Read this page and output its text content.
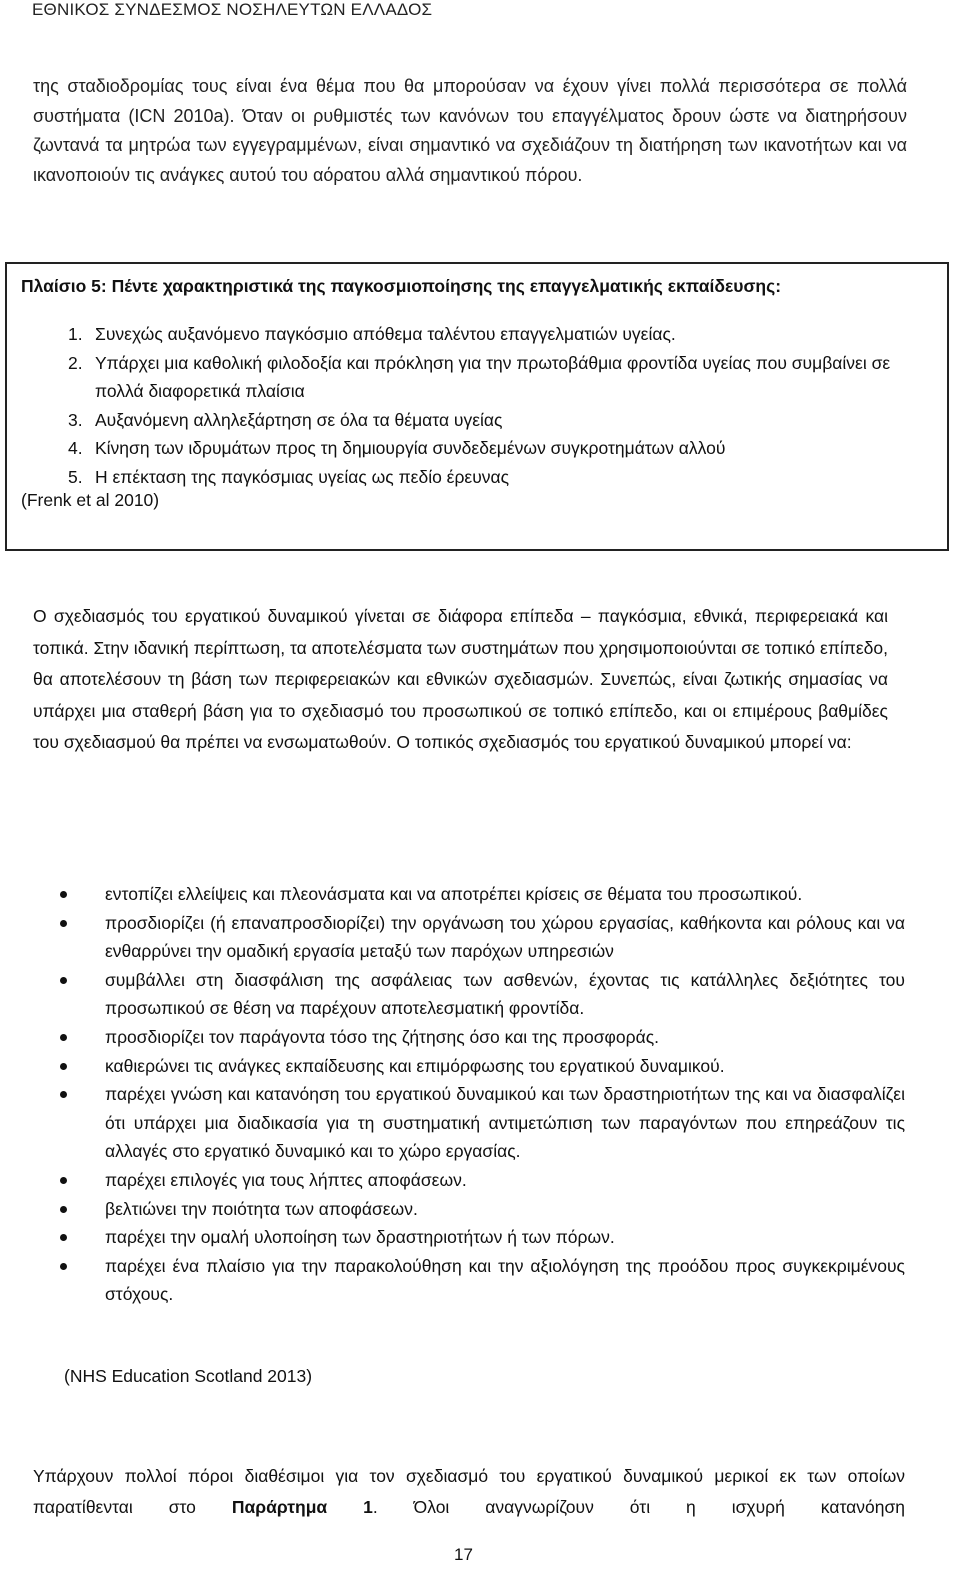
ΕΘΝΙΚΟΣ ΣΥΝΔΕΣΜΟΣ ΝΟΣΗΛΕΥΤΩΝ ΕΛΛΑΔΟΣ

της σταδιοδρομίας τους είναι ένα θέμα που θα μπορούσαν να έχουν γίνει πολλά περισσότερα σε πολλά συστήματα (ICN 2010a). Όταν οι ρυθμιστές των κανόνων του επαγγέλματος δρουν ώστε να διατηρήσουν ζωντανά τα μητρώα των εγγεγραμμένων, είναι σημαντικό να σχεδιάζουν τη διατήρηση των ικανοτήτων και να ικανοποιούν τις ανάγκες αυτού του αόρατου αλλά σημαντικού πόρου.

Πλαίσιο 5: Πέντε χαρακτηριστικά της παγκοσμιοποίησης της επαγγελματικής εκπαίδευσης:

1. Συνεχώς αυξανόμενο παγκόσμιο απόθεμα ταλέντου επαγγελματιών υγείας.
2. Υπάρχει μια καθολική φιλοδοξία και πρόκληση για την πρωτοβάθμια φροντίδα υγείας που συμβαίνει σε πολλά διαφορετικά πλαίσια
3. Αυξανόμενη αλληλεξάρτηση σε όλα τα θέματα υγείας
4. Κίνηση των ιδρυμάτων προς τη δημιουργία συνδεδεμένων συγκροτημάτων αλλού
5. Η επέκταση της παγκόσμιας υγείας ως πεδίο έρευνας

(Frenk et al 2010)

Ο σχεδιασμός του εργατικού δυναμικού γίνεται σε διάφορα επίπεδα – παγκόσμια, εθνικά, περιφερειακά και τοπικά. Στην ιδανική περίπτωση, τα αποτελέσματα των συστημάτων που χρησιμοποιούνται σε τοπικό επίπεδο, θα αποτελέσουν τη βάση των περιφερειακών και εθνικών σχεδιασμών. Συνεπώς, είναι ζωτικής σημασίας να υπάρχει μια σταθερή βάση για το σχεδιασμό του προσωπικού σε τοπικό επίπεδο, και οι επιμέρους βαθμίδες του σχεδιασμού θα πρέπει να ενσωματωθούν. Ο τοπικός σχεδιασμός του εργατικού δυναμικού μπορεί να:

εντοπίζει ελλείψεις και πλεονάσματα και να αποτρέπει κρίσεις σε θέματα του προσωπικού.
προσδιορίζει (ή επαναπροσδιορίζει) την οργάνωση του χώρου εργασίας, καθήκοντα και ρόλους και να ενθαρρύνει την ομαδική εργασία μεταξύ των παρόχων υπηρεσιών
συμβάλλει στη διασφάλιση της ασφάλειας των ασθενών, έχοντας τις κατάλληλες δεξιότητες του προσωπικού σε θέση να παρέχουν αποτελεσματική φροντίδα.
προσδιορίζει τον παράγοντα τόσο της ζήτησης όσο και της προσφοράς.
καθιερώνει τις ανάγκες εκπαίδευσης και επιμόρφωσης του εργατικού δυναμικού.
παρέχει γνώση και κατανόηση του εργατικού δυναμικού και των δραστηριοτήτων της και να διασφαλίζει ότι υπάρχει μια διαδικασία για τη συστηματική αντιμετώπιση των παραγόντων που επηρεάζουν τις αλλαγές στο εργατικό δυναμικό και το χώρο εργασίας.
παρέχει επιλογές για τους λήπτες αποφάσεων.
βελτιώνει την ποιότητα των αποφάσεων.
παρέχει την ομαλή υλοποίηση των δραστηριοτήτων ή των πόρων.
παρέχει ένα πλαίσιο για την παρακολούθηση και την αξιολόγηση της προόδου προς συγκεκριμένους στόχους.

(NHS Education Scotland 2013)

Υπάρχουν πολλοί πόροι διαθέσιμοι για τον σχεδιασμό του εργατικού δυναμικού μερικοί εκ των οποίων παρατίθενται στο Παράρτημα 1. Όλοι αναγνωρίζουν ότι η ισχυρή κατανόηση

17
